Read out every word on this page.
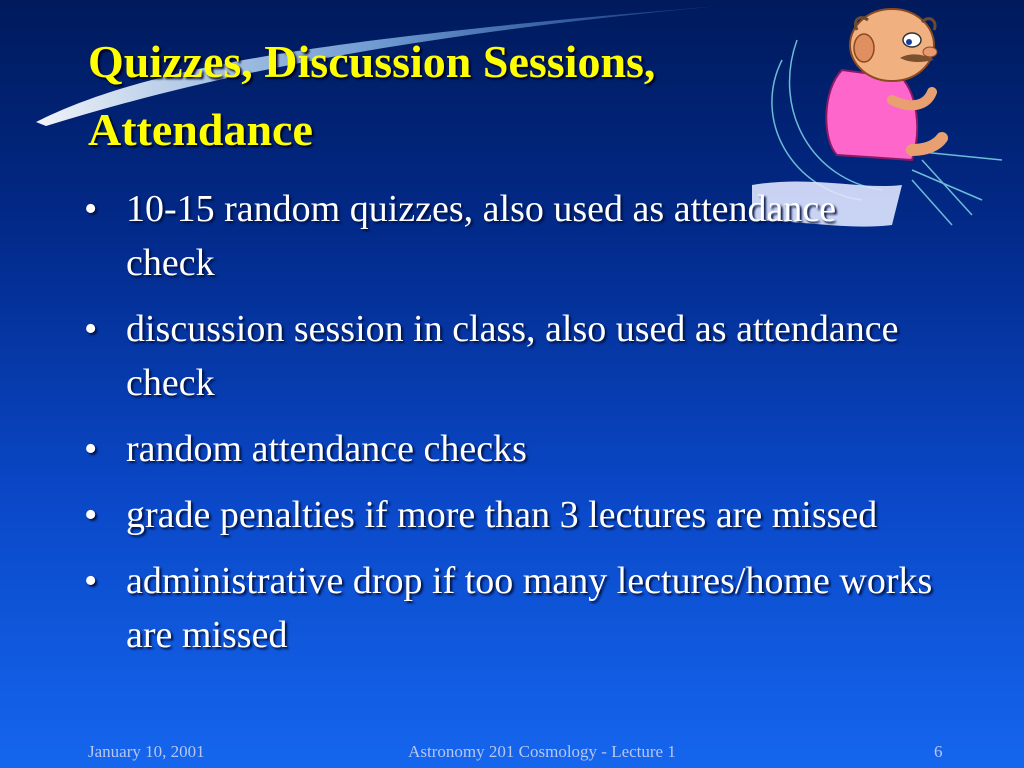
Quizzes, Discussion Sessions, Attendance
• 10-15 random quizzes, also used as attendance check
• discussion session in class, also used as attendance check
• random attendance checks
• grade penalties if more than 3 lectures are missed
• administrative drop if too many lectures/home works are missed
January 10, 2001	Astronomy 201 Cosmology - Lecture 1	6
